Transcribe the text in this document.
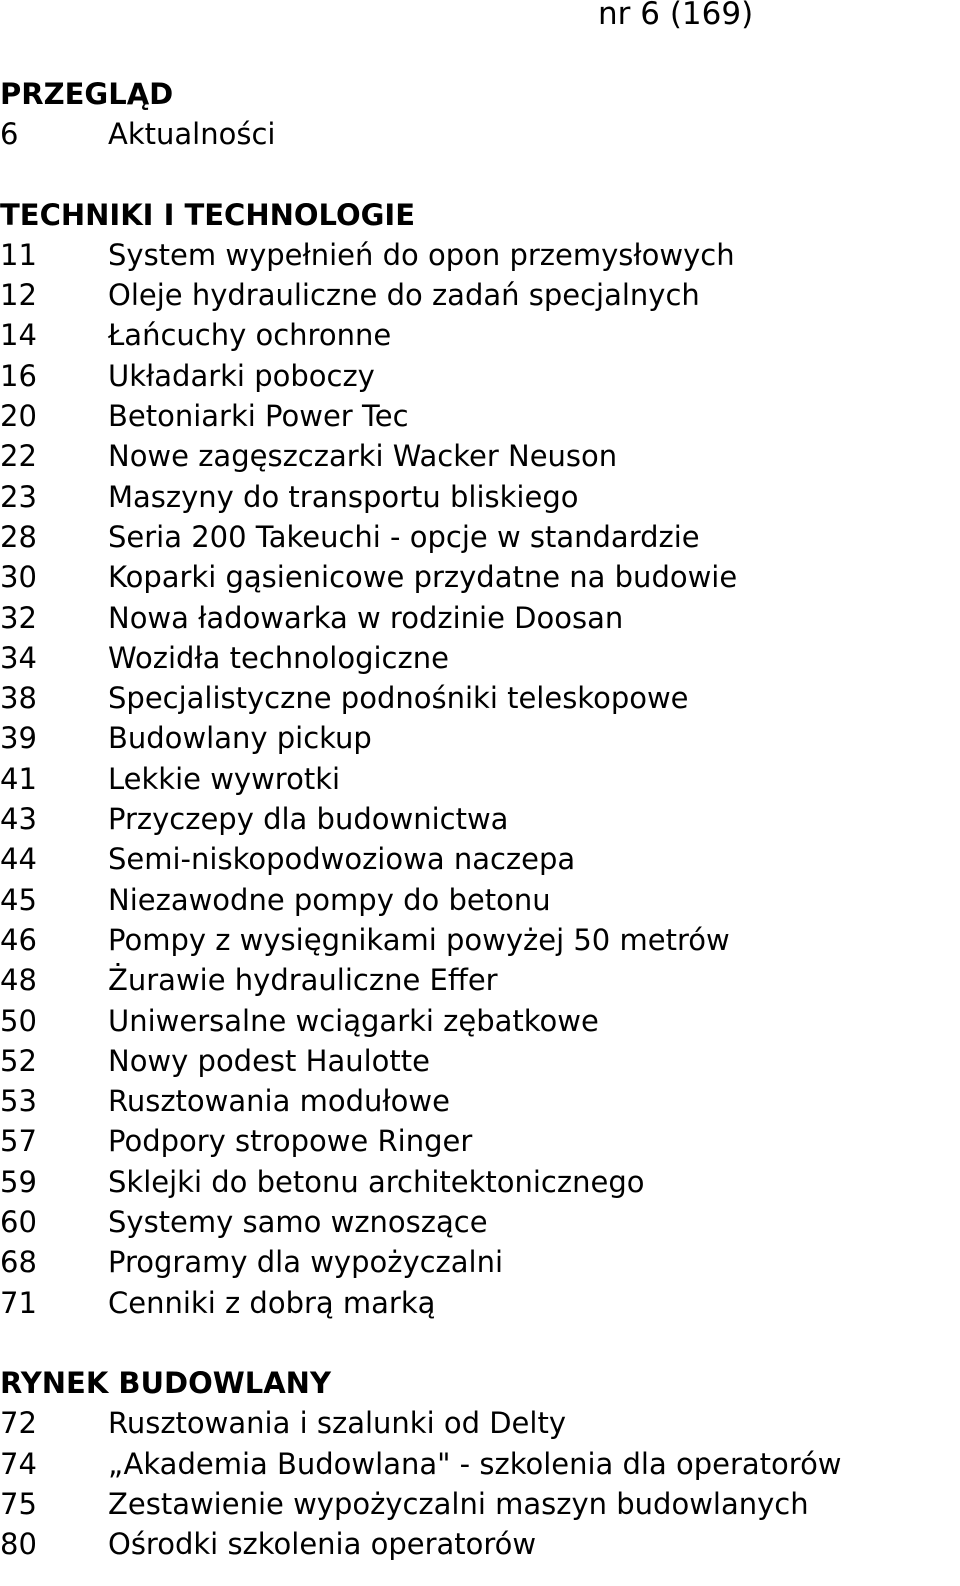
nr 6 (169)
PRZEGLĄD
6	Aktualności
TECHNIKI I TECHNOLOGIE
11	System wypełnień do opon przemysłowych
12	Oleje hydrauliczne do zadań specjalnych
14	Łańcuchy ochronne
16	Układarki poboczy
20	Betoniarki Power Tec
22	Nowe zagęszczarki Wacker Neuson
23	Maszyny do transportu bliskiego
28	Seria 200 Takeuchi - opcje w standardzie
30	Koparki gąsienicowe przydatne na budowie
32	Nowa ładowarka w rodzinie Doosan
34	Wozidła technologiczne
38	Specjalistyczne podnośniki teleskopowe
39	Budowlany pickup
41	Lekkie wywrotki
43	Przyczepy dla budownictwa
44	Semi-niskopodwoziowa naczepa
45	Niezawodne pompy do betonu
46	Pompy z wysięgnikami powyżej 50 metrów
48	Żurawie hydrauliczne Effer
50	Uniwersalne wciągarki zębatkowe
52	Nowy podest Haulotte
53	Rusztowania modułowe
57	Podpory stropowe Ringer
59	Sklejki do betonu architektonicznego
60	Systemy samo wznoszące
68	Programy dla wypożyczalni
71	Cenniki z dobrą marką
RYNEK BUDOWLANY
72	Rusztowania i szalunki od Delty
74	„Akademia Budowlana" - szkolenia dla operatorów
75	Zestawienie wypożyczalni maszyn budowlanych
80	Ośrodki szkolenia operatorów
